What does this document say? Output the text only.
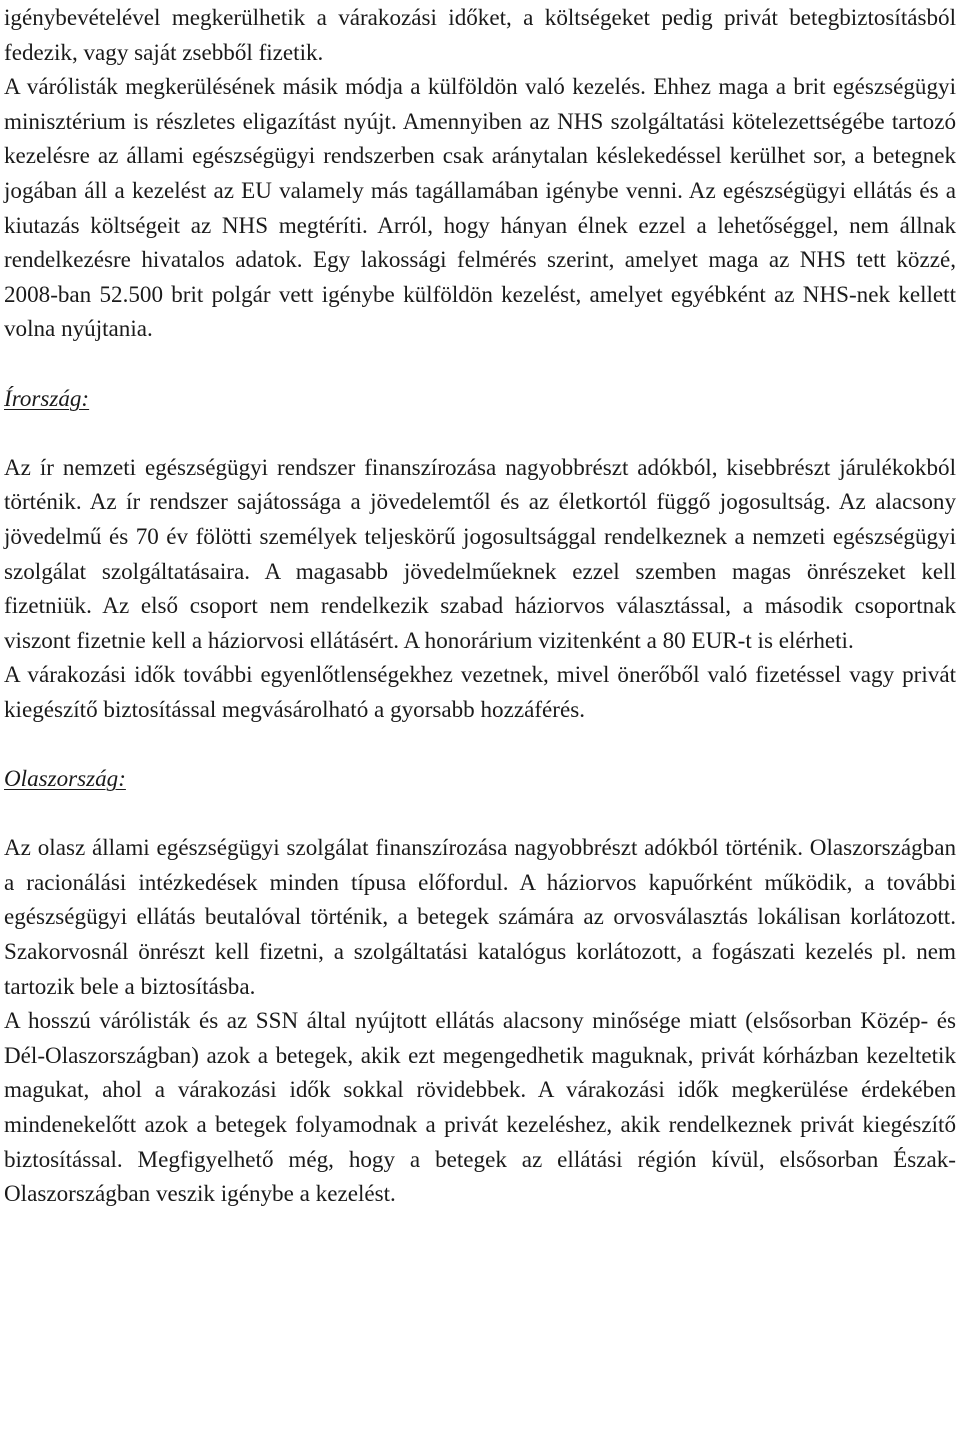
igénybevételével megkerülhetik a várakozási időket, a költségeket pedig privát betegbiztosításból fedezik, vagy saját zsebből fizetik.

A várólisták megkerülésének másik módja a külföldön való kezelés. Ehhez maga a brit egészségügyi minisztérium is részletes eligazítást nyújt. Amennyiben az NHS szolgáltatási kötelezettségébe tartozó kezelésre az állami egészségügyi rendszerben csak aránytalan késlekedéssel kerülhet sor, a betegnek jogában áll a kezelést az EU valamely más tagállamában igénybe venni. Az egészségügyi ellátás és a kiutazás költségeit az NHS megtéríti. Arról, hogy hányan élnek ezzel a lehetőséggel, nem állnak rendelkezésre hivatalos adatok. Egy lakossági felmérés szerint, amelyet maga az NHS tett közzé, 2008-ban 52.500 brit polgár vett igénybe külföldön kezelést, amelyet egyébként az NHS-nek kellett volna nyújtania.

Írország:

Az ír nemzeti egészségügyi rendszer finanszírozása nagyobbrészt adókból, kisebbrészt járulékokból történik. Az ír rendszer sajátossága a jövedelemtől és az életkortól függő jogosultság. Az alacsony jövedelmű és 70 év fölötti személyek teljeskörű jogosultsággal rendelkeznek a nemzeti egészségügyi szolgálat szolgáltatásaira. A magasabb jövedelműeknek ezzel szemben magas önrészeket kell fizetniük. Az első csoport nem rendelkezik szabad háziorvos választással, a második csoportnak viszont fizetnie kell a háziorvosi ellátásért. A honorárium vizitenként a 80 EUR-t is elérheti.

A várakozási idők további egyenlőtlenségekhez vezetnek, mivel önerőből való fizetéssel vagy privát kiegészítő biztosítással megvásárolható a gyorsabb hozzáférés.

Olaszország:

Az olasz állami egészségügyi szolgálat finanszírozása nagyobbrészt adókból történik. Olaszországban a racionálási intézkedések minden típusa előfordul. A háziorvos kapuőrként működik, a további egészségügyi ellátás beutalóval történik, a betegek számára az orvosválasztás lokálisan korlátozott. Szakorvosnál önrészt kell fizetni, a szolgáltatási katalógus korlátozott, a fogászati kezelés pl. nem tartozik bele a biztosításba.

A hosszú várólisták és az SSN által nyújtott ellátás alacsony minősége miatt (elsősorban Közép- és Dél-Olaszországban) azok a betegek, akik ezt megengedhetik maguknak, privát kórházban kezeltetik magukat, ahol a várakozási idők sokkal rövidebbek. A várakozási idők megkerülése érdekében mindenekelőtt azok a betegek folyamodnak a privát kezeléshez, akik rendelkeznek privát kiegészítő biztosítással. Megfigyelhető még, hogy a betegek az ellátási régión kívül, elsősorban Észak-Olaszországban veszik igénybe a kezelést.
